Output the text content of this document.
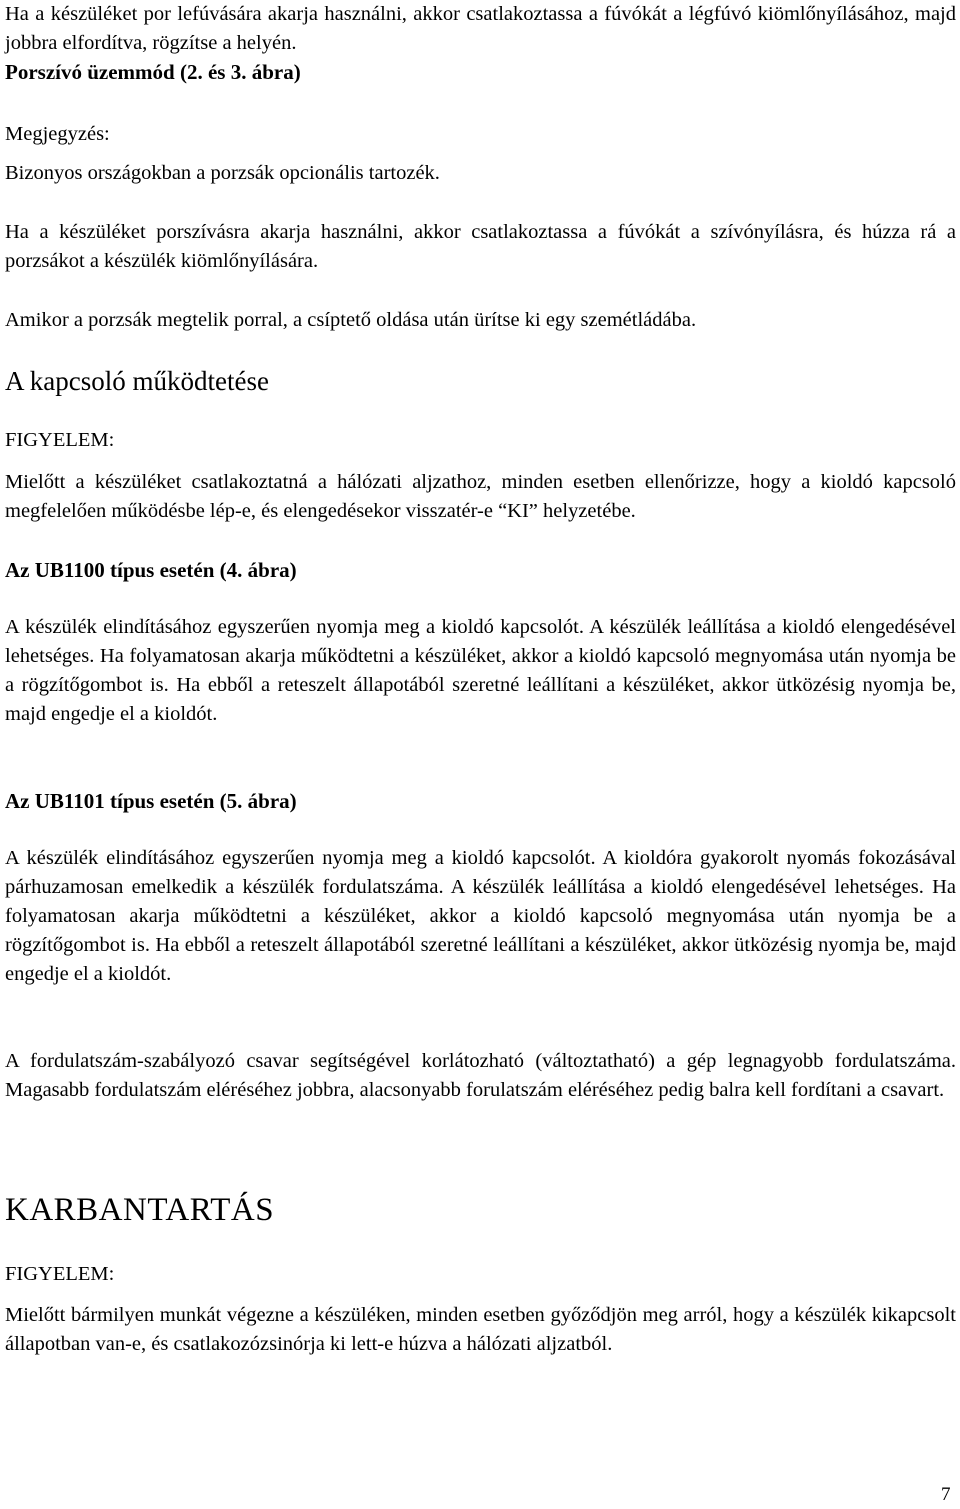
Ha a készüléket por lefúvására akarja használni, akkor csatlakoztassa a fúvókát a légfúvó kiömlőnyílásához, majd jobbra elfordítva, rögzítse a helyén.

Porszívó üzemmód (2. és 3. ábra)

Megjegyzés:

Bizonyos országokban a porzsák opcionális tartozék.

Ha a készüléket porszívásra akarja használni, akkor csatlakoztassa a fúvókát a szívónyílásra, és húzza rá a porzsákot a készülék kiömlőnyílására.

Amikor a porzsák megtelik porral, a csíptető oldása után ürítse ki egy szemétládába.

A kapcsoló működtetése

FIGYELEM:

Mielőtt a készüléket csatlakoztatná a hálózati aljzathoz, minden esetben ellenőrizze, hogy a kioldó kapcsoló megfelelően működésbe lép-e, és elengedésekor visszatér-e “KI” helyzetébe.

Az UB1100 típus esetén (4. ábra)

A készülék elindításához egyszerűen nyomja meg a kioldó kapcsolót. A készülék leállítása a kioldó elengedésével lehetséges. Ha folyamatosan akarja működtetni a készüléket, akkor a kioldó kapcsoló megnyomása után nyomja be a rögzítőgombot is. Ha ebből a reteszelt állapotából szeretné leállítani a készüléket, akkor ütközésig nyomja be, majd engedje el a kioldót.

Az UB1101 típus esetén (5. ábra)

A készülék elindításához egyszerűen nyomja meg a kioldó kapcsolót. A kioldóra gyakorolt nyomás fokozásával párhuzamosan emelkedik a készülék fordulatszáma. A készülék leállítása a kioldó elengedésével lehetséges. Ha folyamatosan akarja működtetni a készüléket, akkor a kioldó kapcsoló megnyomása után nyomja be a rögzítőgombot is. Ha ebből a reteszelt állapotából szeretné leállítani a készüléket, akkor ütközésig nyomja be, majd engedje el a kioldót.

A fordulatszám-szabályozó csavar segítségével korlátozható (változtatható) a gép legnagyobb fordulatszáma. Magasabb fordulatszám eléréséhez jobbra, alacsonyabb forulatszám eléréséhez pedig balra kell fordítani a csavart.

KARBANTARTÁS

FIGYELEM:

Mielőtt bármilyen munkát végezne a készüléken, minden esetben győződjön meg arról, hogy a készülék kikapcsolt állapotban van-e, és csatlakozózsinórja ki lett-e húzva a hálózati aljzatból.

7
